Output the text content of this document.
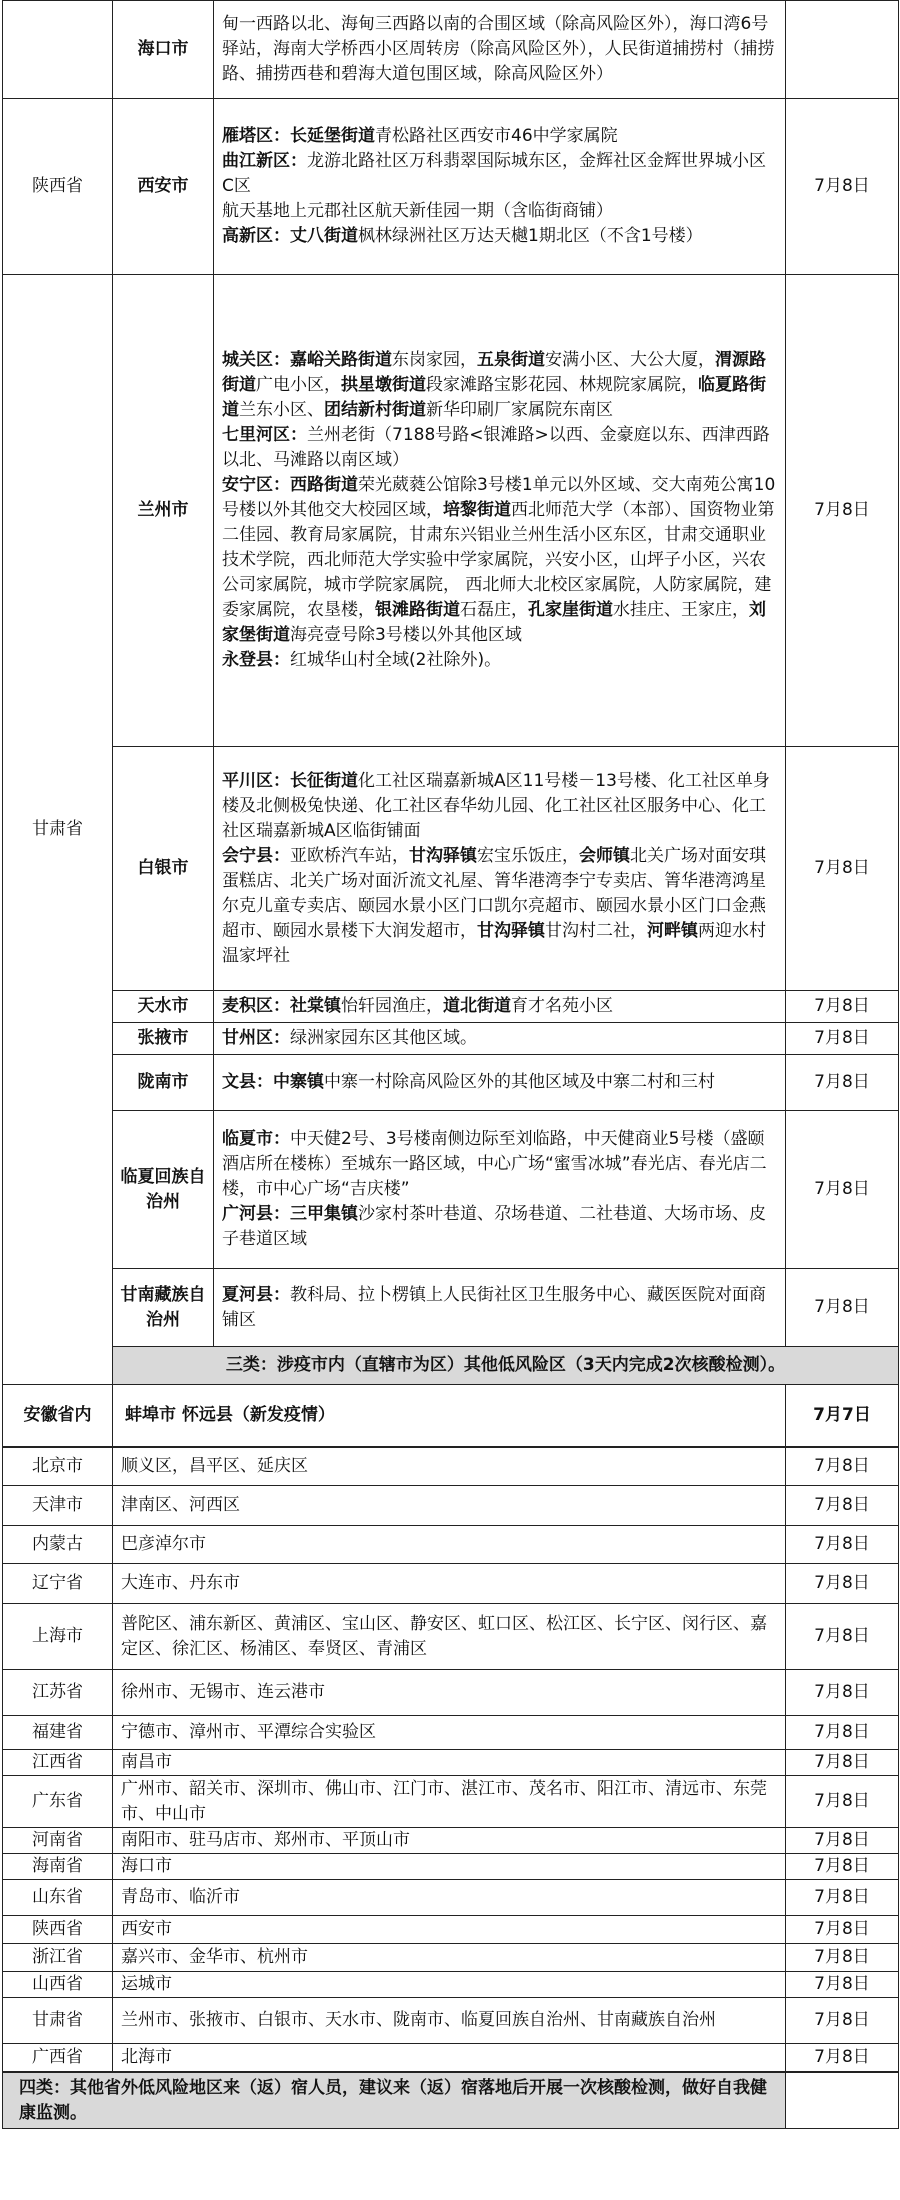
	海口市	甸一西路以北、海甸三西路以南的合围区域（除高风险区外），海口湾6号驿站，海南大学桥西小区周转房（除高风险区外），人民街道捕捞村（捕捞路、捕捞西巷和碧海大道包围区域，除高风险区外）		
陕西省	西安市	雁塔区：长延堡街道青松路社区西安市46中学家属院
曲江新区：龙游北路社区万科翡翠国际城东区，金辉社区金辉世界城小区C区
航天基地上元郡社区航天新佳园一期（含临街商铺）
高新区：丈八街道枫林绿洲社区万达天樾1期北区（不含1号楼）	7月8日	
甘肃省	兰州市	城关区：嘉峪关路街道东岗家园，五泉街道安满小区、大公大厦，渭源路街道广电小区，拱星墩街道段家滩路宝影花园、林规院家属院，临夏路街道兰东小区、团结新村街道新华印刷厂家属院东南区
七里河区：兰州老街（7188号路<银滩路>以西、金豪庭以东、西津西路以北、马滩路以南区域）
安宁区：西路街道荣光葳蕤公馆除3号楼1单元以外区域、交大南苑公寓10号楼以外其他交大校园区域，培黎街道西北师范大学（本部）、国资物业第二佳园、教育局家属院，甘肃东兴铝业兰州生活小区东区，甘肃交通职业技术学院，西北师范大学实验中学家属院，兴安小区，山坪子小区，兴农公司家属院，城市学院家属院， 西北师大北校区家属院，人防家属院，建委家属院，农垦楼，银滩路街道石磊庄，孔家崖街道水挂庄、王家庄，刘家堡街道海亮壹号除3号楼以外其他区域
永登县：红城华山村全域(2社除外)。	7月8日	
	白银市	平川区：长征街道化工社区瑞嘉新城A区11号楼－13号楼、化工社区单身楼及北侧极兔快递、化工社区春华幼儿园、化工社区社区服务中心、化工社区瑞嘉新城A区临街铺面
会宁县：亚欧桥汽车站，甘沟驿镇宏宝乐饭庄，会师镇北关广场对面安琪蛋糕店、北关广场对面沂流文礼屋、箐华港湾李宁专卖店、箐华港湾鸿星尔克儿童专卖店、颐园水景小区门口凯尔亮超市、颐园水景小区门口金燕超市、颐园水景楼下大润发超市，甘沟驿镇甘沟村二社，河畔镇两迎水村温家坪社	7月8日	
	天水市	麦积区：社棠镇怡轩园渔庄，道北街道育才名苑小区	7月8日	
	张掖市	甘州区：绿洲家园东区其他区域。	7月8日	
	陇南市	文县：中寨镇中寨一村除高风险区外的其他区域及中寨二村和三村	7月8日	
	临夏回族自治州	临夏市：中天健2号、3号楼南侧边际至刘临路，中天健商业5号楼（盛颐酒店所在楼栋）至城东一路区域，中心广场“蜜雪冰城”春光店、春光店二楼，市中心广场“吉庆楼”
广河县：三甲集镇沙家村茶叶巷道、尕场巷道、二社巷道、大场市场、皮子巷道区域	7月8日	
	甘南藏族自治州	夏河县：教科局、拉卜楞镇上人民街社区卫生服务中心、藏医医院对面商铺区	7月8日	
	三类：涉疫市内（直辖市为区）其他低风险区（3天内完成2次核酸检测）。			
安徽省内	蚌埠市 怀远县（新发疫情）		7月7日	
北京市	顺义区，昌平区、延庆区	7月8日
天津市	津南区、河西区	7月8日
内蒙古	巴彦淖尔市	7月8日
辽宁省	大连市、丹东市	7月8日
上海市	普陀区、浦东新区、黄浦区、宝山区、静安区、虹口区、松江区、长宁区、闵行区、嘉定区、徐汇区、杨浦区、奉贤区、青浦区	7月8日
江苏省	徐州市、无锡市、连云港市	7月8日
福建省	宁德市、漳州市、平潭综合实验区	7月8日
江西省	南昌市	7月8日
广东省	广州市、韶关市、深圳市、佛山市、江门市、湛江市、茂名市、阳江市、清远市、东莞市、中山市	7月8日
河南省	南阳市、驻马店市、郑州市、平顶山市	7月8日
海南省	海口市	7月8日
山东省	青岛市、临沂市	7月8日
陕西省	西安市	7月8日
浙江省	嘉兴市、金华市、杭州市	7月8日
山西省	运城市	7月8日
甘肃省	兰州市、张掖市、白银市、天水市、陇南市、临夏回族自治州、甘南藏族自治州	7月8日
广西省	北海市	7月8日
四类：其他省外低风险地区来（返）宿人员，建议来（返）宿落地后开展一次核酸检测，做好自我健康监测。	
